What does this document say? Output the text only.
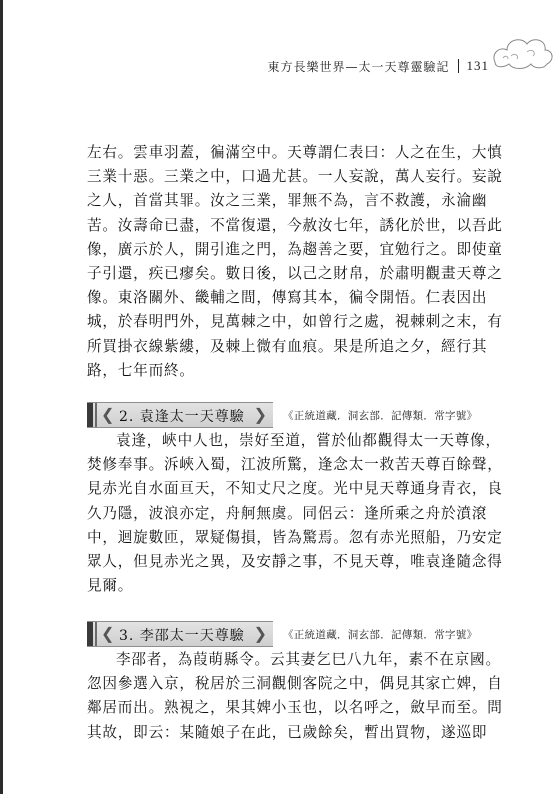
東方長樂世界—太一天尊靈驗記 131

左右。雲車羽蓋，徧滿空中。天尊謂仁表曰：人之在生，大慎
三業十惡。三業之中，口過尤甚。一人妄說，萬人妄行。妄說
之人，首當其罪。汝之三業，罪無不為，言不救護，永淪幽
苦。汝壽命已盡，不當復還，今赦汝七年，誘化於世，以吾此
像，廣示於人，開引進之門，為趨善之要，宜勉行之。即使童
子引還，疾已瘳矣。數日後，以己之財帛，於肅明觀畫天尊之
像。東洛關外、畿輔之間，傳寫其本，徧令開悟。仁表因出
城，於春明門外，見萬棘之中，如曾行之處，視棘刺之末，有
所買掛衣線紫縷，及棘上微有血痕。果是所追之夕，經行其
路，七年而終。

❮ 2. 袁逢太一天尊驗 ❯ 《正統道藏．洞玄部．記傳類．常字號》

袁逢，峽中人也，崇好至道，嘗於仙都觀得太一天尊像，
焚修奉事。泝峽入蜀，江波所驚，逢念太一救苦天尊百餘聲，
見赤光自水面亘天，不知丈尺之度。光中見天尊通身青衣，良
久乃隱，波浪亦定，舟舸無虞。同侶云：逢所乘之舟於濆滾
中，迴旋數匝，眾疑傷損，皆為驚焉。忽有赤光照船，乃安定
眾人，但見赤光之異，及安靜之事，不見天尊，唯袁逢隨念得
見爾。

❮ 3. 李邵太一天尊驗 ❯ 《正統道藏．洞玄部．記傳類．常字號》

李邵者，為葭萌縣令。云其妻乞巳八九年，素不在京國。
忽因參選入京，稅居於三洞觀側客院之中，偶見其家亡婢，自
鄰居而出。熟視之，果其婢小玉也，以名呼之，斂早而至。問
其故，即云：某隨娘子在此，已歲餘矣，暫出買物，遂巡即
